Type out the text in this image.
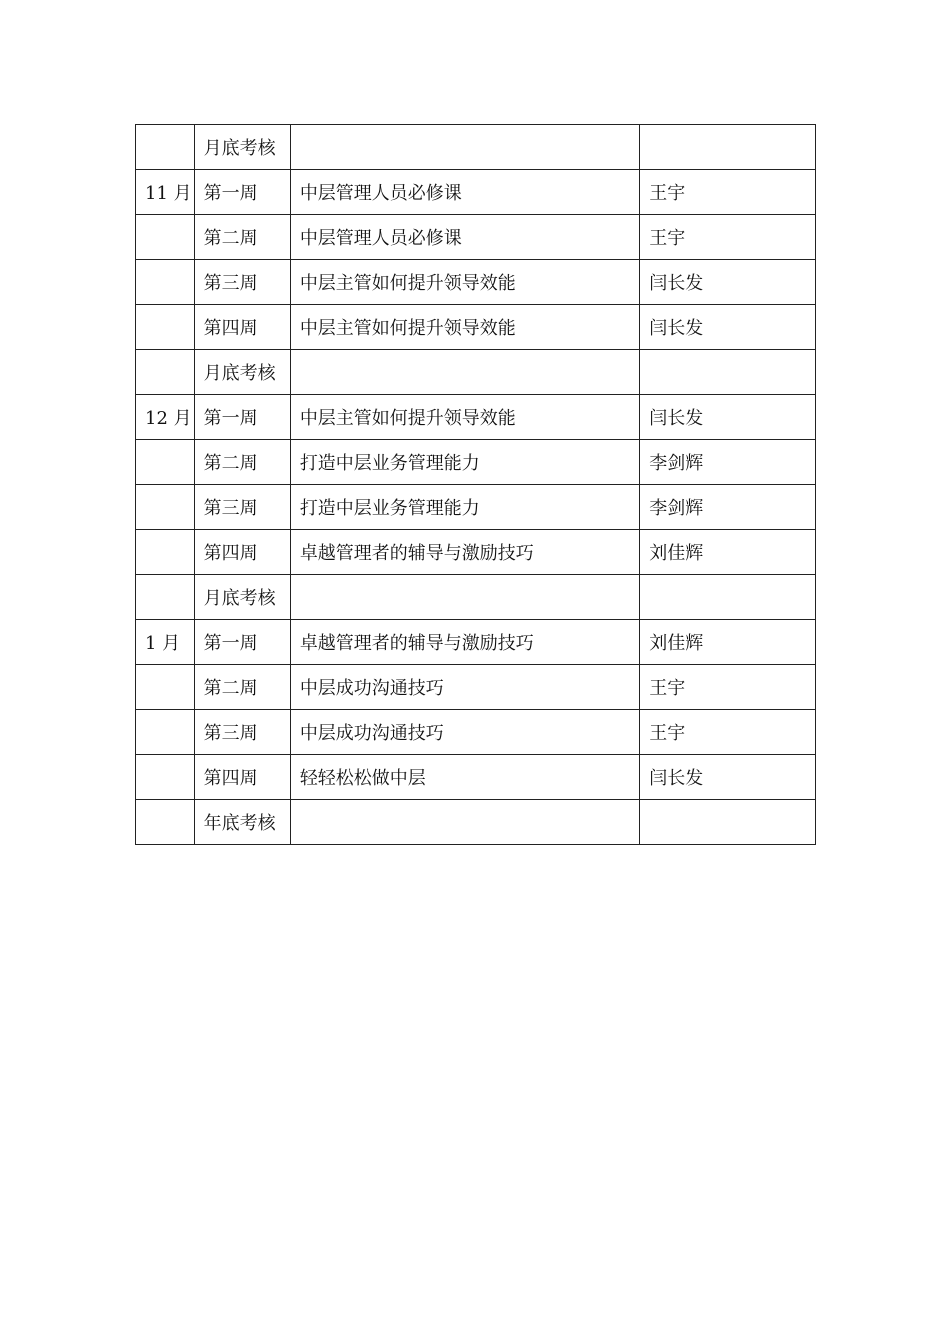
	月底考核		
11 月	第一周	中层管理人员必修课	王宇
	第二周	中层管理人员必修课	王宇
	第三周	中层主管如何提升领导效能	闫长发
	第四周	中层主管如何提升领导效能	闫长发
	月底考核		
12 月	第一周	中层主管如何提升领导效能	闫长发
	第二周	打造中层业务管理能力	李剑辉
	第三周	打造中层业务管理能力	李剑辉
	第四周	卓越管理者的辅导与激励技巧	刘佳辉
	月底考核		
1 月	第一周	卓越管理者的辅导与激励技巧	刘佳辉
	第二周	中层成功沟通技巧	王宇
	第三周	中层成功沟通技巧	王宇
	第四周	轻轻松松做中层	闫长发
	年底考核		
